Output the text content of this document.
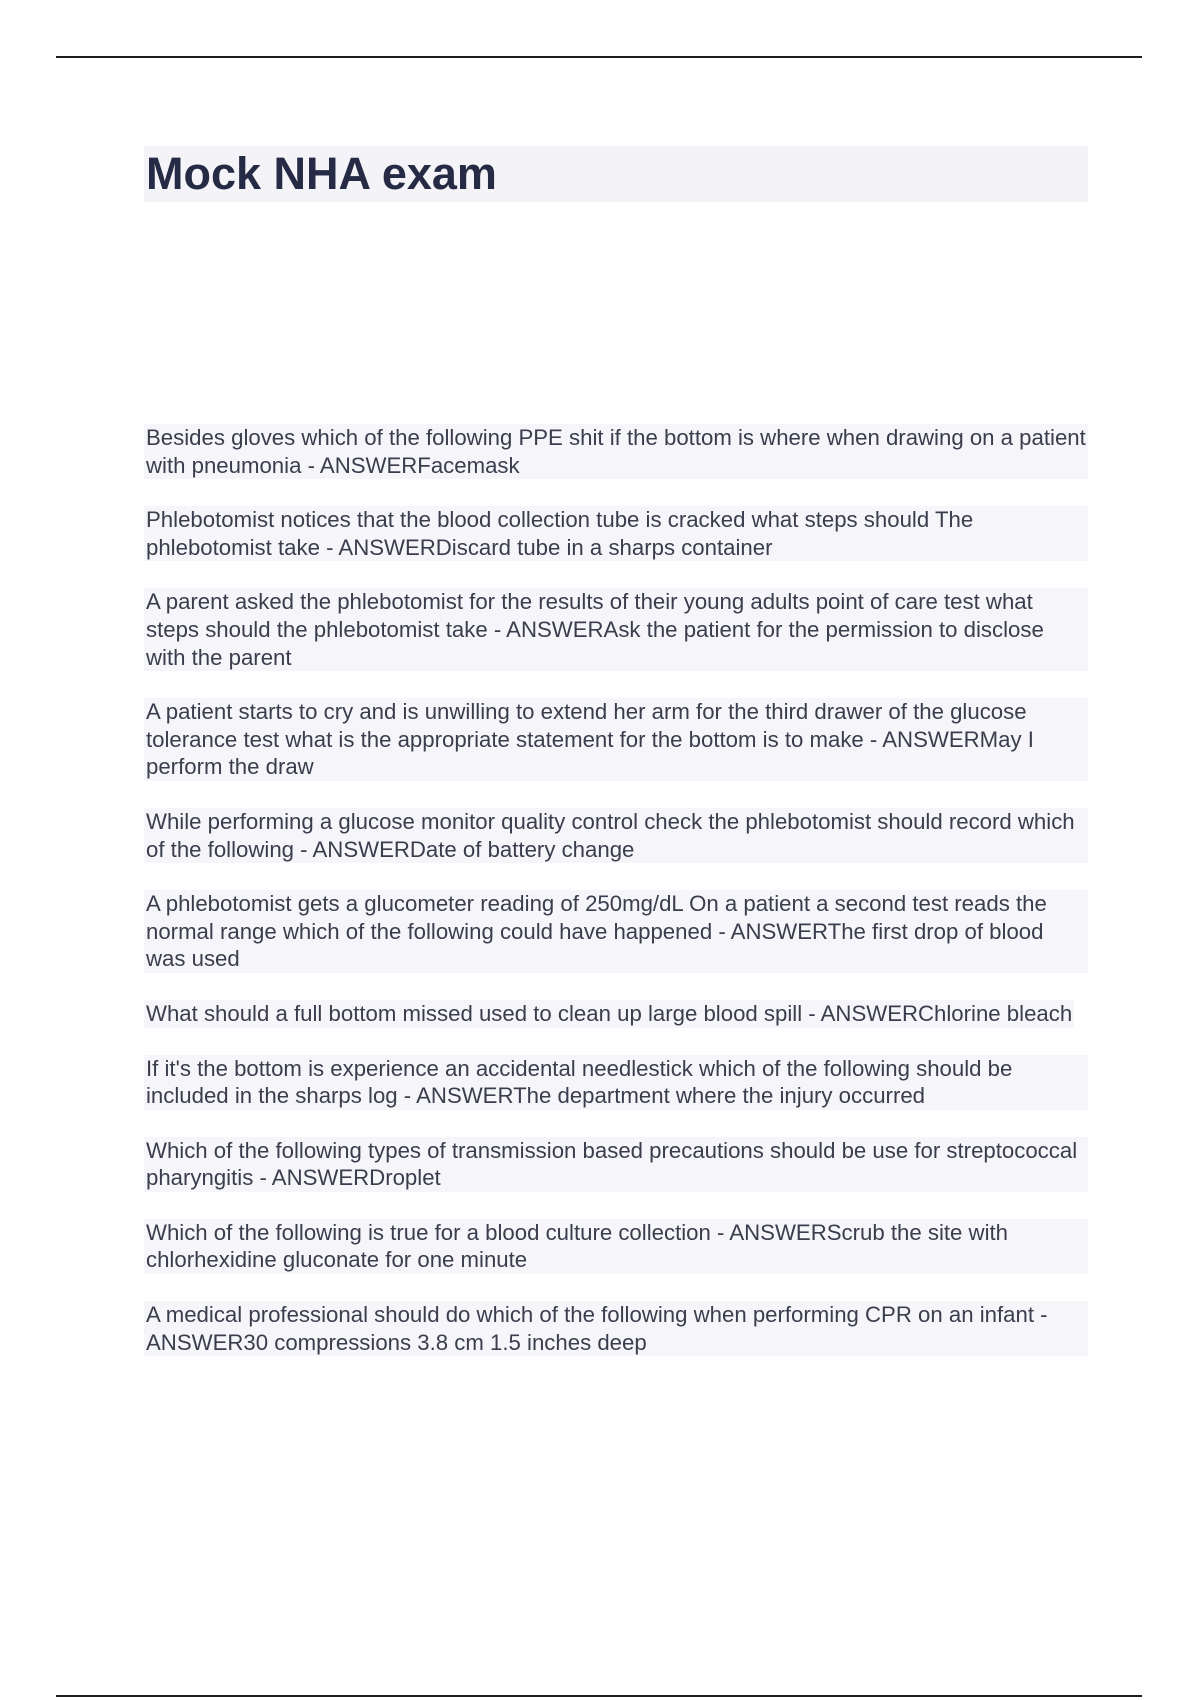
Mock NHA exam
Besides gloves which of the following PPE shit if the bottom is where when drawing on a patient with pneumonia - ANSWERFacemask
Phlebotomist notices that the blood collection tube is cracked what steps should The phlebotomist take - ANSWERDiscard tube in a sharps container
A parent asked the phlebotomist for the results of their young adults point of care test what steps should the phlebotomist take - ANSWERAsk the patient for the permission to disclose with the parent
A patient starts to cry and is unwilling to extend her arm for the third drawer of the glucose tolerance test what is the appropriate statement for the bottom is to make - ANSWERMay I perform the draw
While performing a glucose monitor quality control check the phlebotomist should record which of the following - ANSWERDate of battery change
A phlebotomist gets a glucometer reading of 250mg/dL On a patient a second test reads the normal range which of the following could have happened - ANSWERThe first drop of blood was used
What should a full bottom missed used to clean up large blood spill - ANSWERChlorine bleach
If it's the bottom is experience an accidental needlestick which of the following should be included in the sharps log - ANSWERThe department where the injury occurred
Which of the following types of transmission based precautions should be use for streptococcal pharyngitis - ANSWERDroplet
Which of the following is true for a blood culture collection - ANSWERScrub the site with chlorhexidine gluconate for one minute
A medical professional should do which of the following when performing CPR on an infant - ANSWER30 compressions 3.8 cm 1.5 inches deep
